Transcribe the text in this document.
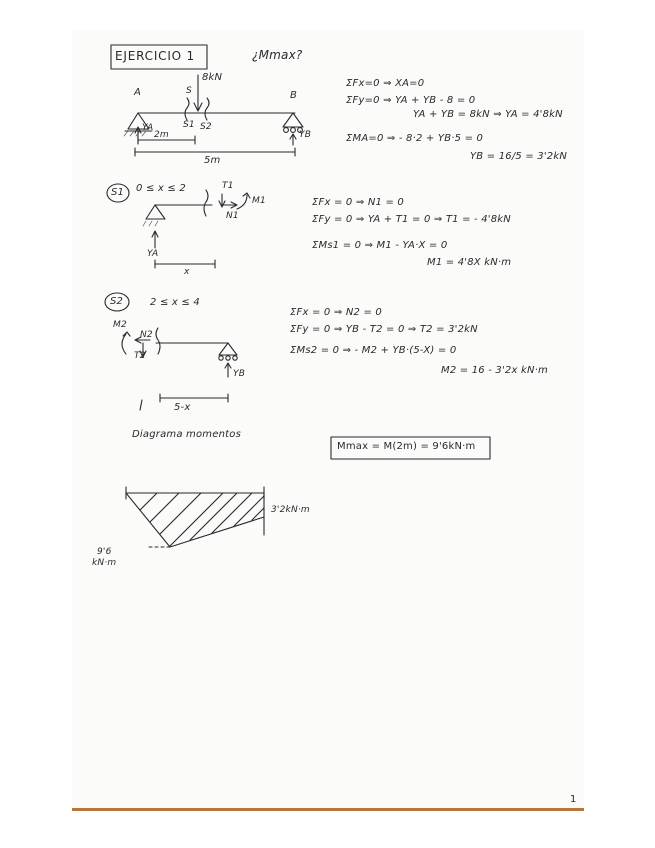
EJERCICIO 1	¿Mmax?
8kN
A	B
S
S1 S2
YA
YB
2m
5m
ΣFx=0 ⇒ XA=0
ΣFy=0 ⇒ YA + YB - 8 = 0
YA + YB = 8kN ⇒ YA = 4'8kN
ΣMA=0 ⇒ - 8·2 + YB·5 = 0
YB = 16/5 = 3'2kN
S1 0 ≤ x ≤ 2	T1
N1
M1
YA
x
ΣFx = 0 ⇒ N1 = 0
ΣFy = 0 ⇒ YA + T1 = 0 ⇒ T1 = - 4'8kN
ΣMs1 = 0 ⇒ M1 - YA·X = 0
M1 = 4'8X kN·m
S2	2 ≤ x ≤ 4
M2
N2
T2
YB
5-x
ΣFx = 0 ⇒ N2 = 0
ΣFy = 0 ⇒ YB - T2 = 0 ⇒ T2 = 3'2kN
ΣMs2 = 0 ⇒ - M2 + YB·(5-X) = 0
M2 = 16 - 3'2x kN·m
Diagrama momentos
Mmax = M(2m) = 9'6kN·m
3'2kN·m
9'6
kN·m
1
